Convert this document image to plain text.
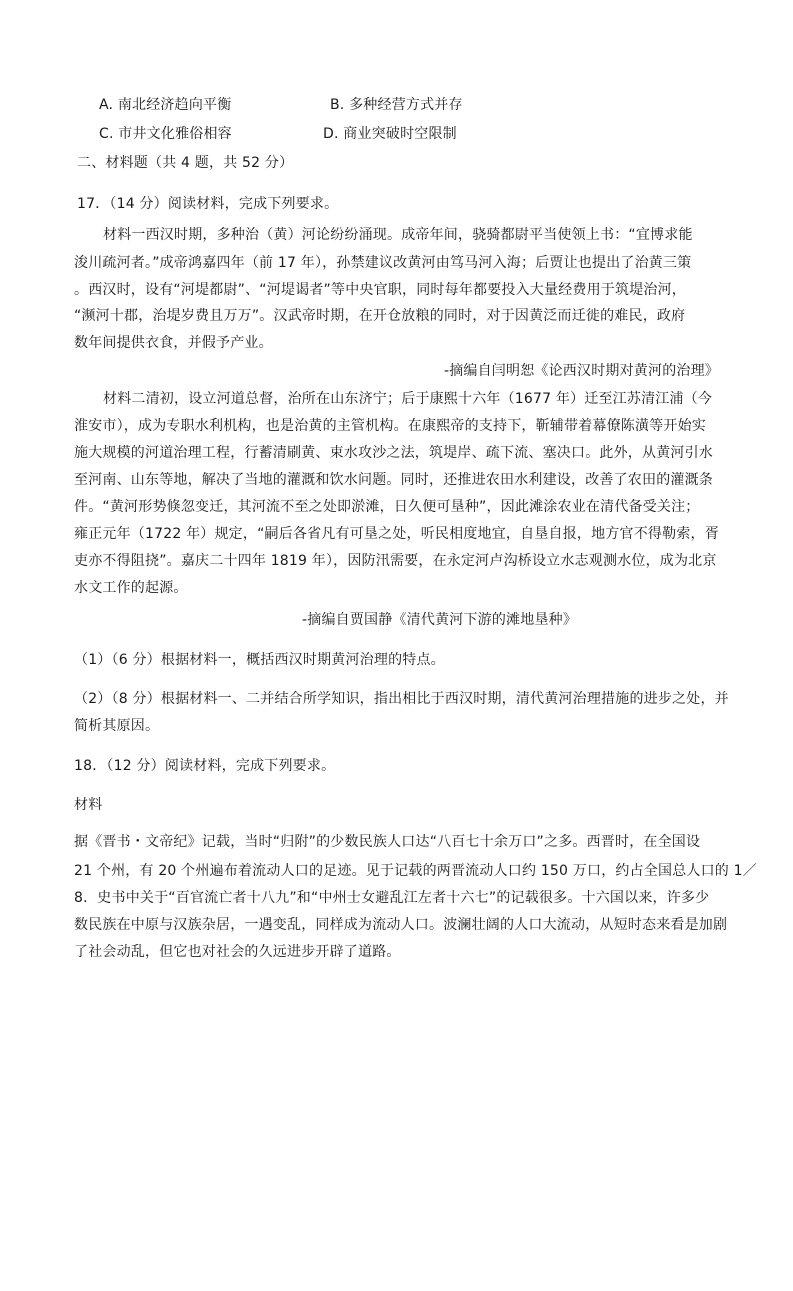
A. 南北经济趋向平衡	B. 多种经营方式并存
C. 市井文化雅俗相容	D. 商业突破时空限制
二、材料题（共 4 题，共 52 分）
17．（14 分）阅读材料，完成下列要求。
材料一西汉时期，多种治（黄）河论纷纷涌现。成帝年间，骁骑都尉平当使领上书：“宜博求能
浚川疏河者。”成帝鸿嘉四年（前 17 年），孙禁建议改黄河由笃马河入海；后贾让也提出了治黄三策
。西汉时，设有“河堤都尉”、“河堤谒者”等中央官职，同时每年都要投入大量经费用于筑堤治河，
“濒河十郡，治堤岁费且万万”。汉武帝时期，在开仓放粮的同时，对于因黄泛而迁徙的难民，政府
数年间提供衣食，并假予产业。
-摘编自闫明恕《论西汉时期对黄河的治理》
材料二清初，设立河道总督，治所在山东济宁；后于康熙十六年（1677 年）迁至江苏清江浦（今
淮安市），成为专职水利机构，也是治黄的主管机构。在康熙帝的支持下，靳辅带着幕僚陈潢等开始实
施大规模的河道治理工程，行蓄清刷黄、束水攻沙之法，筑堤岸、疏下流、塞决口。此外，从黄河引水
至河南、山东等地，解决了当地的灌溉和饮水问题。同时，还推进农田水利建设，改善了农田的灌溉条
件。“黄河形势倏忽变迁，其河流不至之处即淤滩，日久便可垦种”，因此滩涂农业在清代备受关注；
雍正元年（1722 年）规定，“嗣后各省凡有可垦之处，听民相度地宜，自垦自报，地方官不得勒索，胥
吏亦不得阻挠”。嘉庆二十四年 1819 年），因防汛需要，在永定河卢沟桥设立水志观测水位，成为北京
水文工作的起源。
-摘编自贾国静《清代黄河下游的滩地垦种》
（1）（6 分）根据材料一，概括西汉时期黄河治理的特点。
（2）（8 分）根据材料一、二并结合所学知识，指出相比于西汉时期，清代黄河治理措施的进步之处，并
简析其原因。
18．（12 分）阅读材料，完成下列要求。
材料
据《晋书・文帝纪》记载，当时“归附”的少数民族人口达“八百七十余万口”之多。西晋时，在全国设
21 个州，有 20 个州遍布着流动人口的足迹。见于记载的两晋流动人口约 150 万口，约占全国总人口的 1／
8．史书中关于“百官流亡者十八九”和“中州士女避乱江左者十六七”的记载很多。十六国以来，许多少
数民族在中原与汉族杂居，一遇变乱，同样成为流动人口。波澜壮阔的人口大流动，从短时态来看是加剧
了社会动乱，但它也对社会的久远进步开辟了道路。
